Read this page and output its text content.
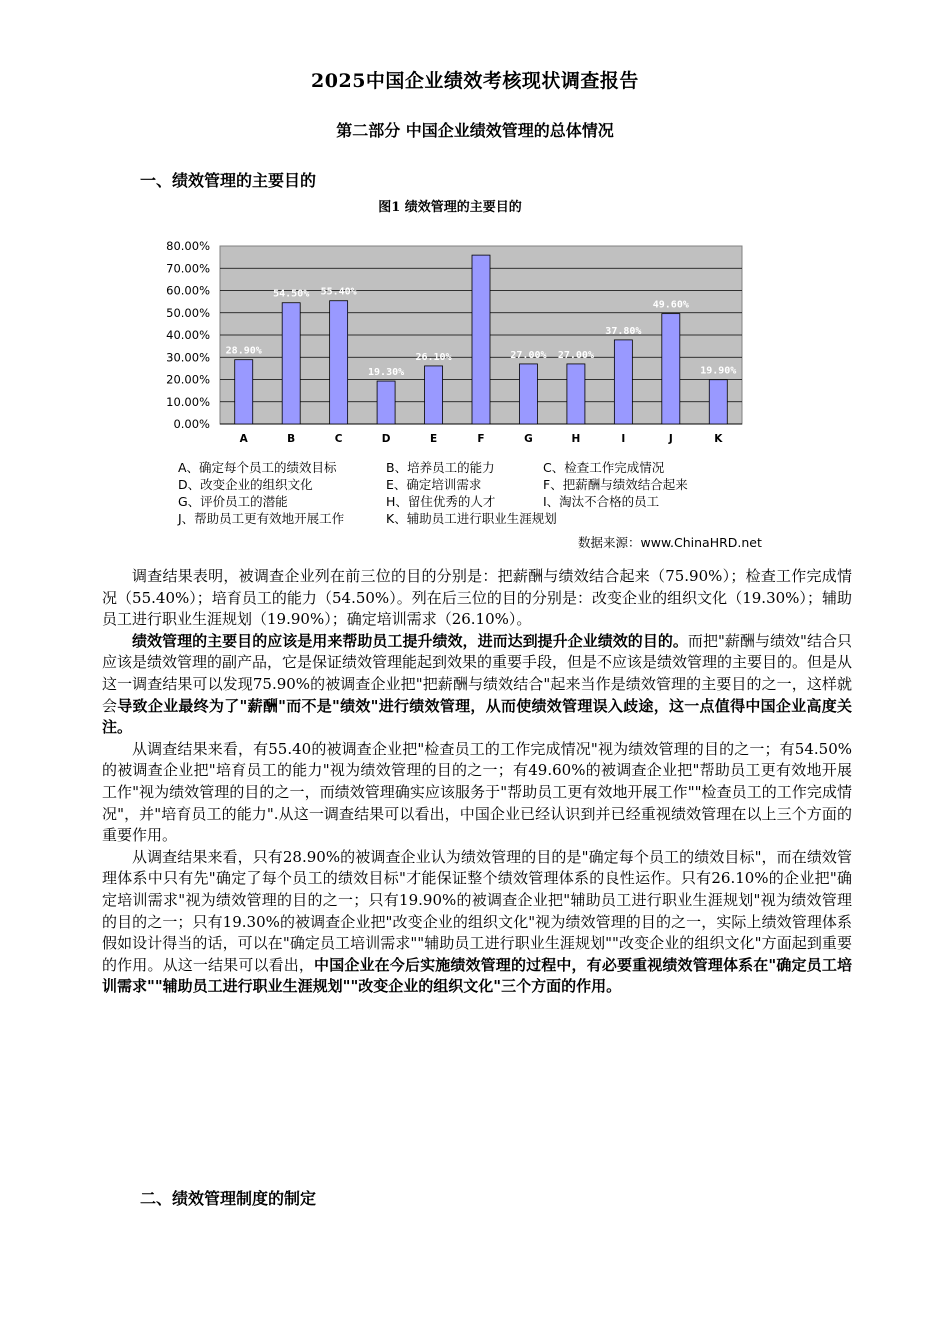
2025中国企业绩效考核现状调查报告
第二部分 中国企业绩效管理的总体情况
一、绩效管理的主要目的
图1 绩效管理的主要目的
0.00%
10.00%
20.00%
30.00%
40.00%
50.00%
60.00%
70.00%
80.00%
28.90%
A
54.50%
B
55.40%
C
19.30%
D
26.10%
E	F
27.00%
G
27.00%
H
37.80%
I
49.60%
J
19.90%
K
A、确定每个员工的绩效目标	B、培养员工的能力	C、检查工作完成情况
D、改变企业的组织文化	E、确定培训需求	F、把薪酬与绩效结合起来
G、评价员工的潜能	H、留住优秀的人才	I、淘汰不合格的员工
J、帮助员工更有效地开展工作	K、辅助员工进行职业生涯规划
数据来源：www.ChinaHRD.net

调查结果表明，被调查企业列在前三位的目的分别是：把薪酬与绩效结合起来（75.90%）；检查工作完成情况（55.40%）；培育员工的能力（54.50%）。列在后三位的目的分别是：改变企业的组织文化（19.30%）；辅助员工进行职业生涯规划（19.90%）；确定培训需求（26.10%）。

绩效管理的主要目的应该是用来帮助员工提升绩效，进而达到提升企业绩效的目的。而把"薪酬与绩效"结合只应该是绩效管理的副产品，它是保证绩效管理能起到效果的重要手段，但是不应该是绩效管理的主要目的。但是从这一调查结果可以发现75.90%的被调查企业把"把薪酬与绩效结合"起来当作是绩效管理的主要目的之一，这样就会导致企业最终为了"薪酬"而不是"绩效"进行绩效管理，从而使绩效管理误入歧途，这一点值得中国企业高度关注。

从调查结果来看，有55.40的被调查企业把"检查员工的工作完成情况"视为绩效管理的目的之一；有54.50%的被调查企业把"培育员工的能力"视为绩效管理的目的之一；有49.60%的被调查企业把"帮助员工更有效地开展工作"视为绩效管理的目的之一，而绩效管理确实应该服务于"帮助员工更有效地开展工作""检查员工的工作完成情况"，并"培育员工的能力".从这一调查结果可以看出，中国企业已经认识到并已经重视绩效管理在以上三个方面的重要作用。

从调查结果来看，只有28.90%的被调查企业认为绩效管理的目的是"确定每个员工的绩效目标"，而在绩效管理体系中只有先"确定了每个员工的绩效目标"才能保证整个绩效管理体系的良性运作。只有26.10%的企业把"确定培训需求"视为绩效管理的目的之一；只有19.90%的被调查企业把"辅助员工进行职业生涯规划"视为绩效管理的目的之一；只有19.30%的被调查企业把"改变企业的组织文化"视为绩效管理的目的之一，实际上绩效管理体系假如设计得当的话，可以在"确定员工培训需求""辅助员工进行职业生涯规划""改变企业的组织文化"方面起到重要的作用。从这一结果可以看出，中国企业在今后实施绩效管理的过程中，有必要重视绩效管理体系在"确定员工培训需求""辅助员工进行职业生涯规划""改变企业的组织文化"三个方面的作用。

二、绩效管理制度的制定
